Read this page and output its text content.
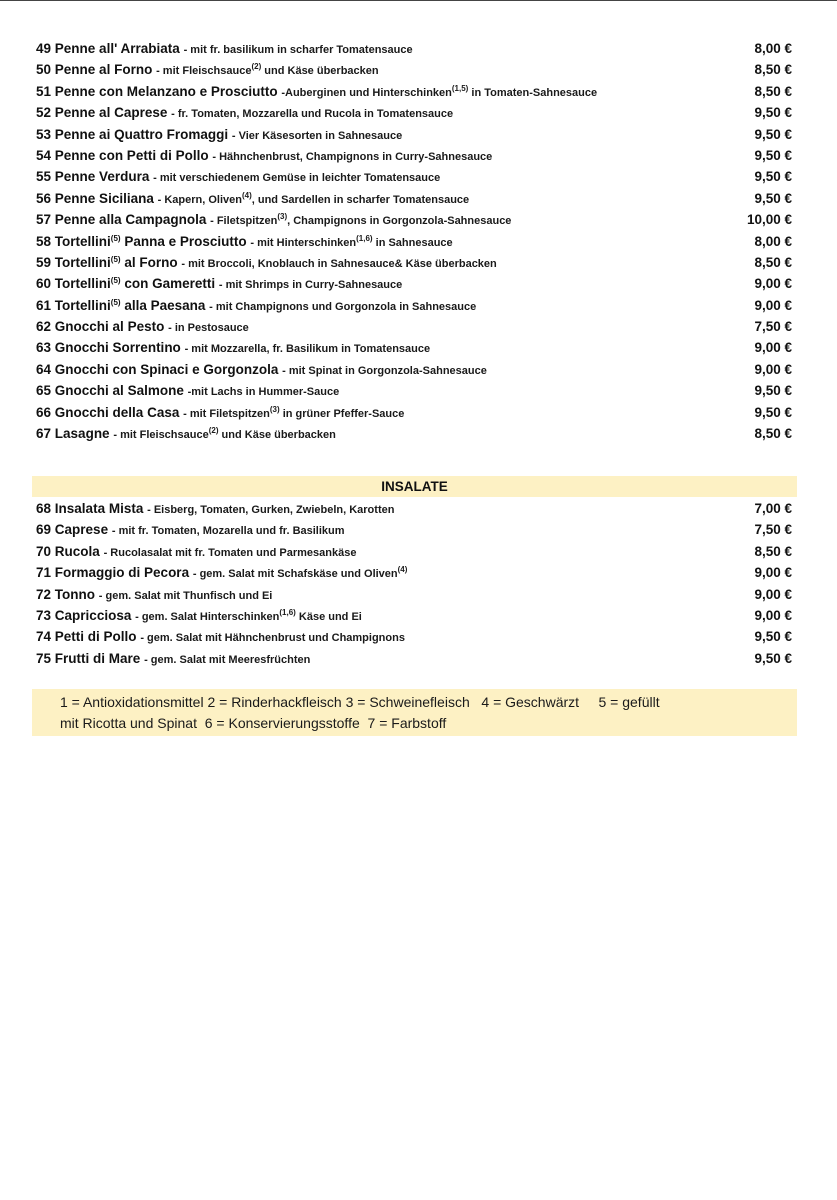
49 Penne all' Arrabiata - mit fr. basilikum in scharfer Tomatensauce	8,00 €
50 Penne al Forno - mit Fleischsauce$^{(2)}$ und Käse überbacken	8,50 €
51 Penne con Melanzano e Prosciutto -Auberginen und Hinterschinken$^{(1,5)}$ in Tomaten-Sahnesauce	8,50 €
52 Penne al Caprese - fr. Tomaten, Mozzarella und Rucola in Tomatensauce	9,50 €
53 Penne ai Quattro Fromaggi - Vier Käsesorten in Sahnesauce	9,50 €
54 Penne con Petti di Pollo - Hähnchenbrust, Champignons in Curry-Sahnesauce	9,50 €
55 Penne Verdura - mit verschiedenem Gemüse in leichter Tomatensauce	9,50 €
56 Penne Siciliana - Kapern, Oliven$^{(4)}$, und Sardellen in scharfer Tomatensauce	9,50 €
57 Penne alla Campagnola - Filetspitzen$^{(3)}$, Champignons in Gorgonzola-Sahnesauce	10,00 €
58 Tortellini$^{(5)}$ Panna e Prosciutto - mit Hinterschinken$^{(1,6)}$ in Sahnesauce	8,00 €
59 Tortellini$^{(5)}$ al Forno - mit Broccoli, Knoblauch in Sahnesauce& Käse überbacken	8,50 €
60 Tortellini$^{(5)}$ con Gameretti - mit Shrimps in Curry-Sahnesauce	9,00 €
61 Tortellini$^{(5)}$ alla Paesana - mit Champignons und Gorgonzola in Sahnesauce	9,00 €
62 Gnocchi al Pesto - in Pestosauce	7,50 €
63 Gnocchi Sorrentino - mit Mozzarella, fr. Basilikum in Tomatensauce	9,00 €
64 Gnocchi con Spinaci e Gorgonzola - mit Spinat in Gorgonzola-Sahnesauce	9,00 €
65 Gnocchi al Salmone -mit Lachs in Hummer-Sauce	9,50 €
66 Gnocchi della Casa - mit Filetspitzen$^{(3)}$ in grüner Pfeffer-Sauce	9,50 €
67 Lasagne - mit Fleischsauce$^{(2)}$ und Käse überbacken	8,50 €
INSALATE
68 Insalata Mista - Eisberg, Tomaten, Gurken, Zwiebeln, Karotten	7,00 €
69 Caprese - mit fr. Tomaten, Mozarella und fr. Basilikum	7,50 €
70 Rucola - Rucolasalat mit fr. Tomaten und Parmesankäse	8,50 €
71 Formaggio di Pecora - gem. Salat mit Schafskäse und Oliven$^{(4)}$	9,00 €
72 Tonno - gem. Salat mit Thunfisch und Ei	9,00 €
73 Capricciosa - gem. Salat Hinterschinken$^{(1,6)}$ Käse und Ei	9,00 €
74 Petti di Pollo - gem. Salat mit Hähnchenbrust und Champignons	9,50 €
75 Frutti di Mare - gem. Salat mit Meeresfrüchten	9,50 €
1 = Antioxidationsmittel 2 = Rinderhackfleisch 3 = Schweinefleisch   4 = Geschwärzt     5 = gefüllt
mit Ricotta und Spinat  6 = Konservierungsstoffe  7 = Farbstoff
